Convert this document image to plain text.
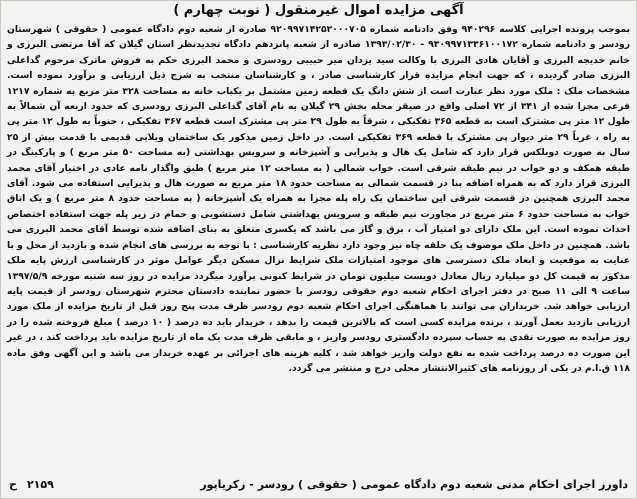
آگهی مزایده اموال غیرمنقول ( نوبت چهارم )
بموجب پرونده اجرایی کلاسه ۹۴۰۲۹۶ وفق دادنامه شماره ۹۲۰۹۹۷۱۴۲۵۲۰۰۰۷۰۵ صادره از شعبه دوم دادگاه عمومی ( حقوقی ) شهرستان رودسر و دادنامه شماره ۹۳۰۹۹۷۱۳۳۶۱۰۰۱۷۲ - ۱۳۹۳/۰۲/۳۰ صادره از شعبه پانزدهم دادگاه تجدیدنظر استان گیلان که آقا مرتضی البرزی و خانم خدیجه البرزی و آقایان هادی البرزی با وکالت سید یزدان میر حبیبی رودسری و محمد البرزی حکم به فروش ماترک مرحوم گداعلی البرزی صادر گردیده ، که جهت انجام مزایده قرار کارشناسی صادر ، و کارشناسان منتخب به شرح ذیل ارزیابی و برآورد نموده است. مشخصات ملک : ملک مورد نظر عبارت است از شش دانگ یک قطعه زمین مشتمل بر یکباب خانه به مساحت ۳۲۸ متر مربع به شماره ۱۲۱۷ فرعی مجزا شده از ۳۴۱ از ۷۲ اصلی واقع در صیقر محله بخش ۲۹ گیلان به نام آقای گداعلی البرزی رودسری که حدود اربعه آن شمالاً به طول ۱۲ متر پی مشترک است به قطعه ۳۶۵ تفکیکی ، شرقاً به طول ۲۹ متر پی مشترک است قطعه ۳۶۷ تفکیکی ، جنوباً به طول ۱۲ متر پی به راه ، غرباً ۲۹ متر دیوار پی مشترک با قطعه ۳۶۹ تفکیکی است. در داخل زمین مذکور یک ساختمان ویلایی قدیمی با قدمت بیش از ۲۵ سال به صورت دوبلکس قرار دارد که شامل یک هال و پذیرایی و آشپزخانه و سرویس بهداشتی (به مساحت ۵۰ متر مربع ) و پارکینگ در طبقه همکف و دو خواب در نیم طبقه شرقی است. خواب شمالی ( به مساحت ۱۲ متر مربع ) طبق واگذار نامه عادی در اختیار آقای محمد البرزی قرار دارد که به همراه اضافه بنا در قسمت شمالی به مساحت حدود ۱۸ متر مربع به صورت هال و پذیرایی استفاده می شود. آقای محمد البرزی همچنین در قسمت شرقی این ساختمان یک راه پله مجزا به همراه یک آشپزخانه ( به مساحت حدود ۸ متر مربع ) و یک اتاق خواب به مساحت حدود ۶ متر مربع در مجاورت نیم طبقه و سرویس بهداشتی شامل دستشویی و حمام در زیر پله جهت استفاده اختصاص احداث نموده است. این ملک دارای دو امتیاز آب ، برق و گاز می باشد که یکسری متعلق به بنای اضافه شده توسط آقای محمد البرزی می باشد. همچنین در داخل ملک موصوف یک حلقه چاه نیز وجود دارد نظریه کارشناسی : با توجه به بررسی های انجام شده و بازدید از محل و با عنایت به موقعیت و ابعاد ملک دسترسی های موجود امتیازات ملک شرایط نزال مسکن دیگر عوامل موثر در کارشناسی ارزش پایه ملک مذکور به قیمت کل دو میلیارد ریال معادل دویست میلیون تومان در شرایط کنونی برآورد میگردد مزایده در روز سه شنبه مورخه ۱۳۹۷/۵/۹ ساعت ۹ الی ۱۱ صبح در دفتر اجرای احکام شعبه دوم حقوقی رودسر با حضور نماینده دادستان محترم شهرستان رودسر از قیمت پایه ارزیابی خواهد شد. خریداران می توانند با هماهنگی اجرای احکام شعبه دوم رودسر ظرف مدت پنج روز قبل از تاریخ مزایده از ملک مورد ارزیابی بازدید بعمل آورند ، برنده مزایده کسی است که بالاترین قیمت را بدهد ، خریدار باید ده درصد ( ۱۰ درصد ) مبلغ فروخته شده را در روز مزایده به صورت نقدی به حساب سپرده دادگستری رودسر واریز ، و مابقی ظرف مدت یک ماه از تاریخ مزایده باید پرداخت کند ، در غیر این صورت ده درصد پرداخت شده به نفع دولت واریز خواهد شد ، کلیه هزینه های اجرائی بر عهده خریدار می باشد و این آگهی وفق ماده ۱۱۸ ق.ا.م در یکی از روزنامه های کثیرالانتشار محلی درج و منتشر می گردد.
داورز اجرای احکام مدنی شعبه دوم دادگاه عمومی ( حقوقی ) رودسر - زکریاپور
۲۱۵۹
ح
